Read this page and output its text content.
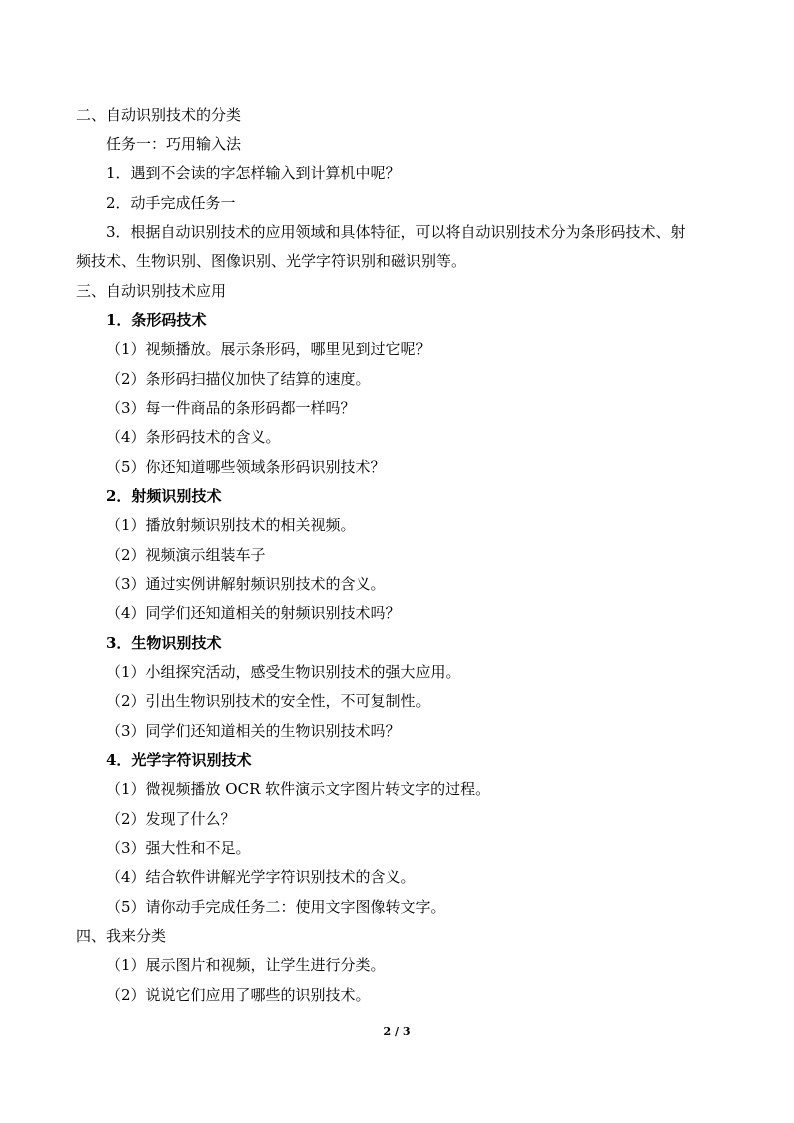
二、自动识别技术的分类
任务一：巧用输入法
1．遇到不会读的字怎样输入到计算机中呢？
2．动手完成任务一
3．根据自动识别技术的应用领域和具体特征，可以将自动识别技术分为条形码技术、射
频技术、生物识别、图像识别、光学字符识别和磁识别等。
三、自动识别技术应用
1．条形码技术
（1）视频播放。展示条形码，哪里见到过它呢？
（2）条形码扫描仪加快了结算的速度。
（3）每一件商品的条形码都一样吗？
（4）条形码技术的含义。
（5）你还知道哪些领域条形码识别技术？
2．射频识别技术
（1）播放射频识别技术的相关视频。
（2）视频演示组装车子
（3）通过实例讲解射频识别技术的含义。
（4）同学们还知道相关的射频识别技术吗？
3．生物识别技术
（1）小组探究活动，感受生物识别技术的强大应用。
（2）引出生物识别技术的安全性，不可复制性。
（3）同学们还知道相关的生物识别技术吗？
4．光学字符识别技术
（1）微视频播放 OCR 软件演示文字图片转文字的过程。
（2）发现了什么？
（3）强大性和不足。
（4）结合软件讲解光学字符识别技术的含义。
（5）请你动手完成任务二：使用文字图像转文字。
四、我来分类
（1）展示图片和视频，让学生进行分类。
（2）说说它们应用了哪些的识别技术。
2 / 3
